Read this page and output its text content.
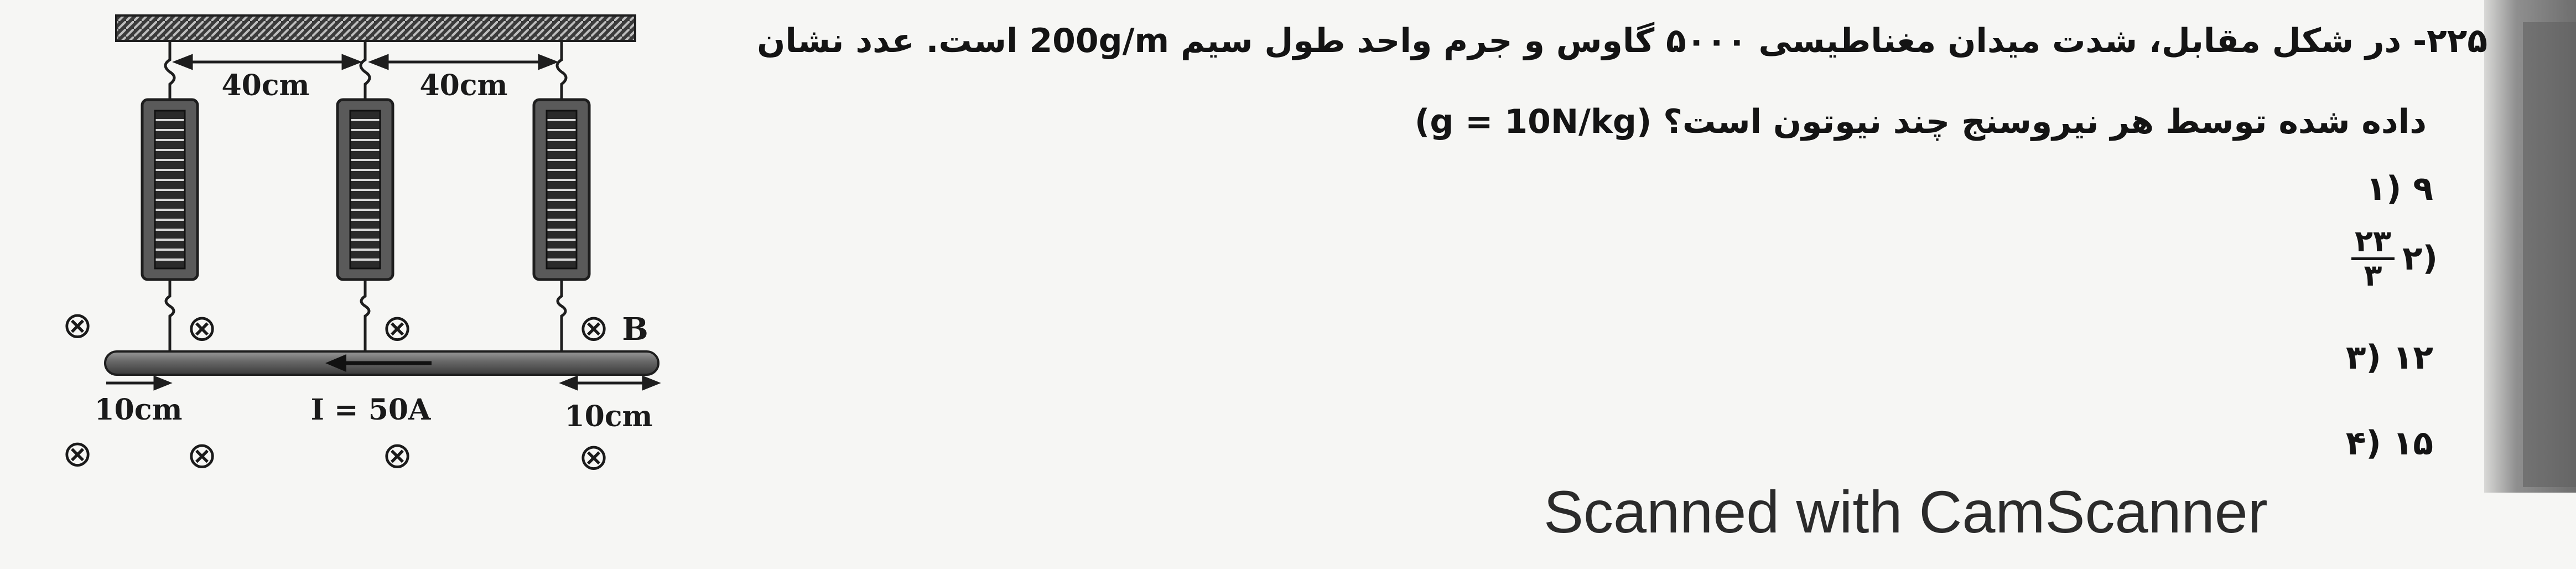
40cm	40cm
10cm	10cm
I = 50A
⊗	⊗	⊗	⊗
⊗	⊗	⊗	⊗
B
۲۲۵- در شکل مقابل، شدت میدان مغناطیسی ۵۰۰۰ گاوس و جرم واحد طول سیم 200g/m است. عدد نشان
داده شده توسط هر نیروسنج چند نیوتون است؟ (g = 10N/kg)
۱) ۹
$\frac{۲۳}{۳}$ ۲)
۳) ۱۲
۴) ۱۵
Scanned with CamScanner
